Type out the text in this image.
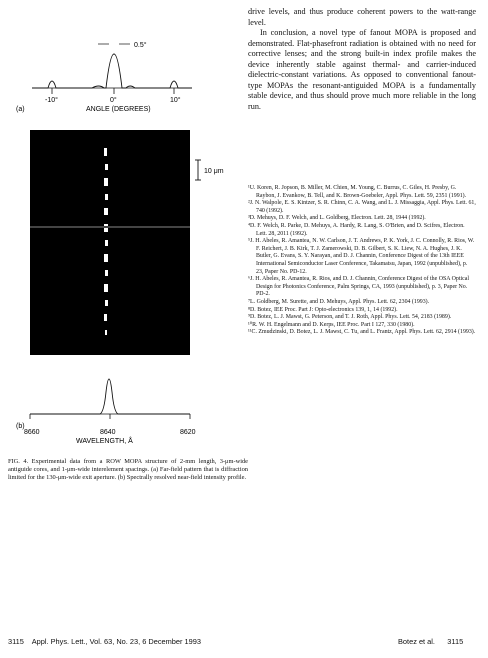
0.5°
-10°	0°	10°
ANGLE (DEGREES)
(a)
10 μm
(b)
8660	8640	8620
WAVELENGTH, Å
FIG. 4. Experimental data from a ROW MOPA structure of 2-mm length, 3-μm-wide antiguide cores, and 1-μm-wide interelement spacings. (a) Far-field pattern that is diffraction limited for the 130-μm-wide exit aperture. (b) Spectrally resolved near-field intensity profile.

drive levels, and thus produce coherent powers to the watt-range level.

In conclusion, a novel type of fanout MOPA is proposed and demonstrated. Flat-phasefront radiation is obtained with no need for corrective lenses; and the strong built-in index profile makes the device inherently stable against thermal- and carrier-induced dielectric-constant variations. As opposed to conventional fanout-type MOPAs the resonant-antiguided MOPA is a fundamentally stable device, and thus should prove much more reliable in the long run.

¹U. Koren, R. Jopson, B. Miller, M. Chien, M. Young, C. Burrus, C. Giles, H. Presby, G. Raybon, J. Evankow, B. Tell, and K. Brown-Goebeler, Appl. Phys. Lett. 59, 2351 (1991).

²J. N. Walpole, E. S. Kintzer, S. R. Chinn, C. A. Wang, and L. J. Missaggia, Appl. Phys. Lett. 61, 740 (1992).

³D. Mehuys, D. F. Welch, and L. Goldberg, Electron. Lett. 28, 1944 (1992).

⁴D. F. Welch, R. Parke, D. Mehuys, A. Hardy, R. Lang, S. O'Brien, and D. Scifres, Electron. Lett. 28, 2011 (1992).

⁵J. H. Abeles, R. Amantea, N. W. Carlson, J. T. Andrews, P. K. York, J. C. Connolly, R. Rios, W. F. Reichert, J. B. Kirk, T. J. Zamerowski, D. B. Gilbert, S. K. Liew, N. A. Hughes, J. K. Butler, G. Evans, S. Y. Narayan, and D. J. Channin, Conference Digest of the 13th IEEE International Semiconductor Laser Conference, Takamatsu, Japan, 1992 (unpublished), p. 23, Paper No. PD-12.

⁶J. H. Abeles, R. Amantea, R. Rios, and D. J. Channin, Conference Digest of the OSA Optical Design for Photonics Conference, Palm Springs, CA, 1993 (unpublished), p. 3, Paper No. PD-2.

⁷L. Goldberg, M. Surette, and D. Mehuys, Appl. Phys. Lett. 62, 2304 (1993).

⁸D. Botez, IEE Proc. Part J: Opto-electronics 139, 1, 14 (1992).

⁹D. Botez, L. J. Mawst, G. Peterson, and T. J. Roth, Appl. Phys. Lett. 54, 2183 (1989).

¹⁰R. W. H. Engelmann and D. Kerps, IEE Proc. Part I 127, 330 (1980).

¹¹C. Zmudzinski, D. Botez, L. J. Mawst, C. Tu, and L. Frantz, Appl. Phys. Lett. 62, 2914 (1993).

3115    Appl. Phys. Lett., Vol. 63, No. 23, 6 December 1993	Botez et al.      3115
